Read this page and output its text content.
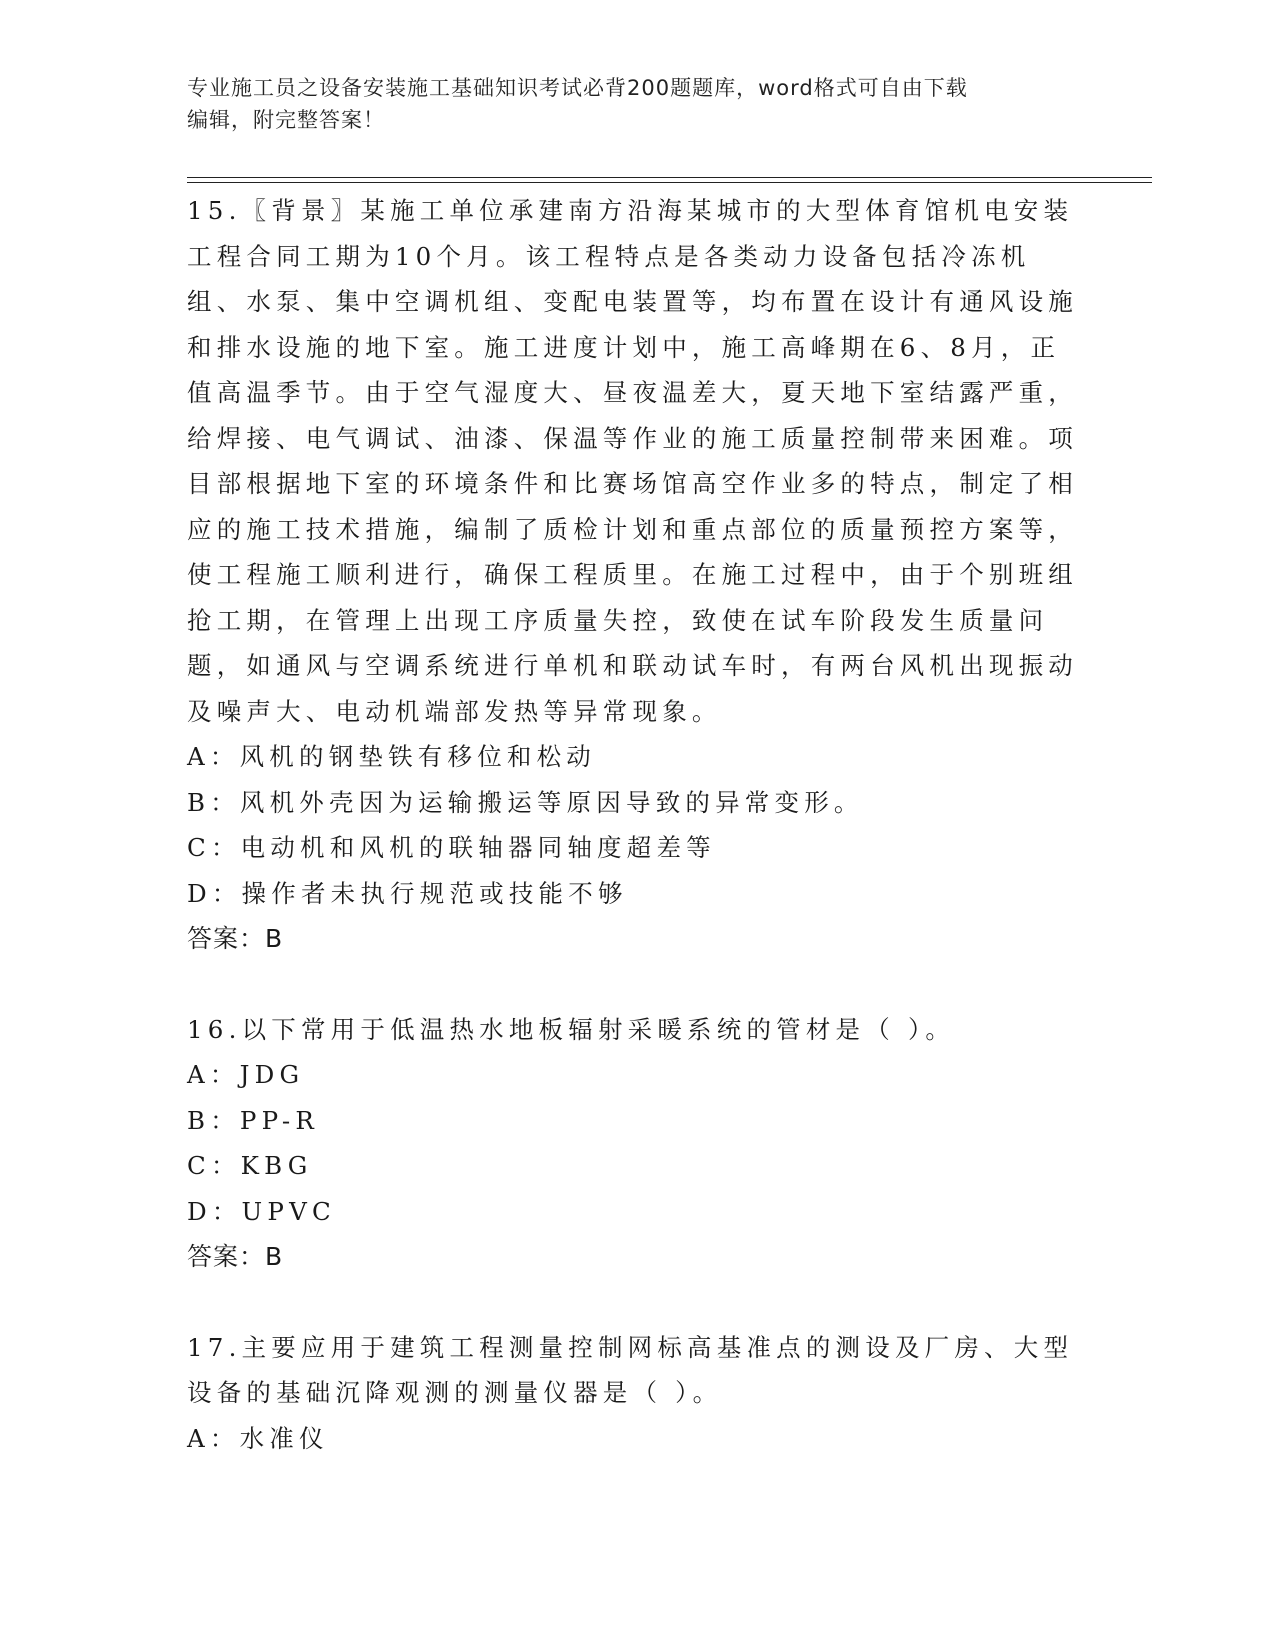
专业施工员之设备安装施工基础知识考试必背200题题库，word格式可自由下载
编辑，附完整答案！

15.〖背景〗某施工单位承建南方沿海某城市的大型体育馆机电安装工程合同工期为10个月。该工程特点是各类动力设备包括冷冻机组、水泵、集中空调机组、变配电装置等，均布置在设计有通风设施和排水设施的地下室。施工进度计划中，施工高峰期在6、8月，正值高温季节。由于空气湿度大、昼夜温差大，夏天地下室结露严重，给焊接、电气调试、油漆、保温等作业的施工质量控制带来困难。项目部根据地下室的环境条件和比赛场馆高空作业多的特点，制定了相应的施工技术措施，编制了质检计划和重点部位的质量预控方案等，使工程施工顺利进行，确保工程质里。在施工过程中，由于个别班组抢工期，在管理上出现工序质量失控，致使在试车阶段发生质量问题，如通风与空调系统进行单机和联动试车时，有两台风机出现振动及噪声大、电动机端部发热等异常现象。

A：风机的钢垫铁有移位和松动

B：风机外壳因为运输搬运等原因导致的异常变形。

C：电动机和风机的联轴器同轴度超差等

D：操作者未执行规范或技能不够

答案：B

16.以下常用于低温热水地板辐射采暖系统的管材是（ ）。

A：JDG

B：PP-R

C：KBG

D：UPVC

答案：B

17.主要应用于建筑工程测量控制网标高基准点的测设及厂房、大型设备的基础沉降观测的测量仪器是（ ）。

A：水准仪
